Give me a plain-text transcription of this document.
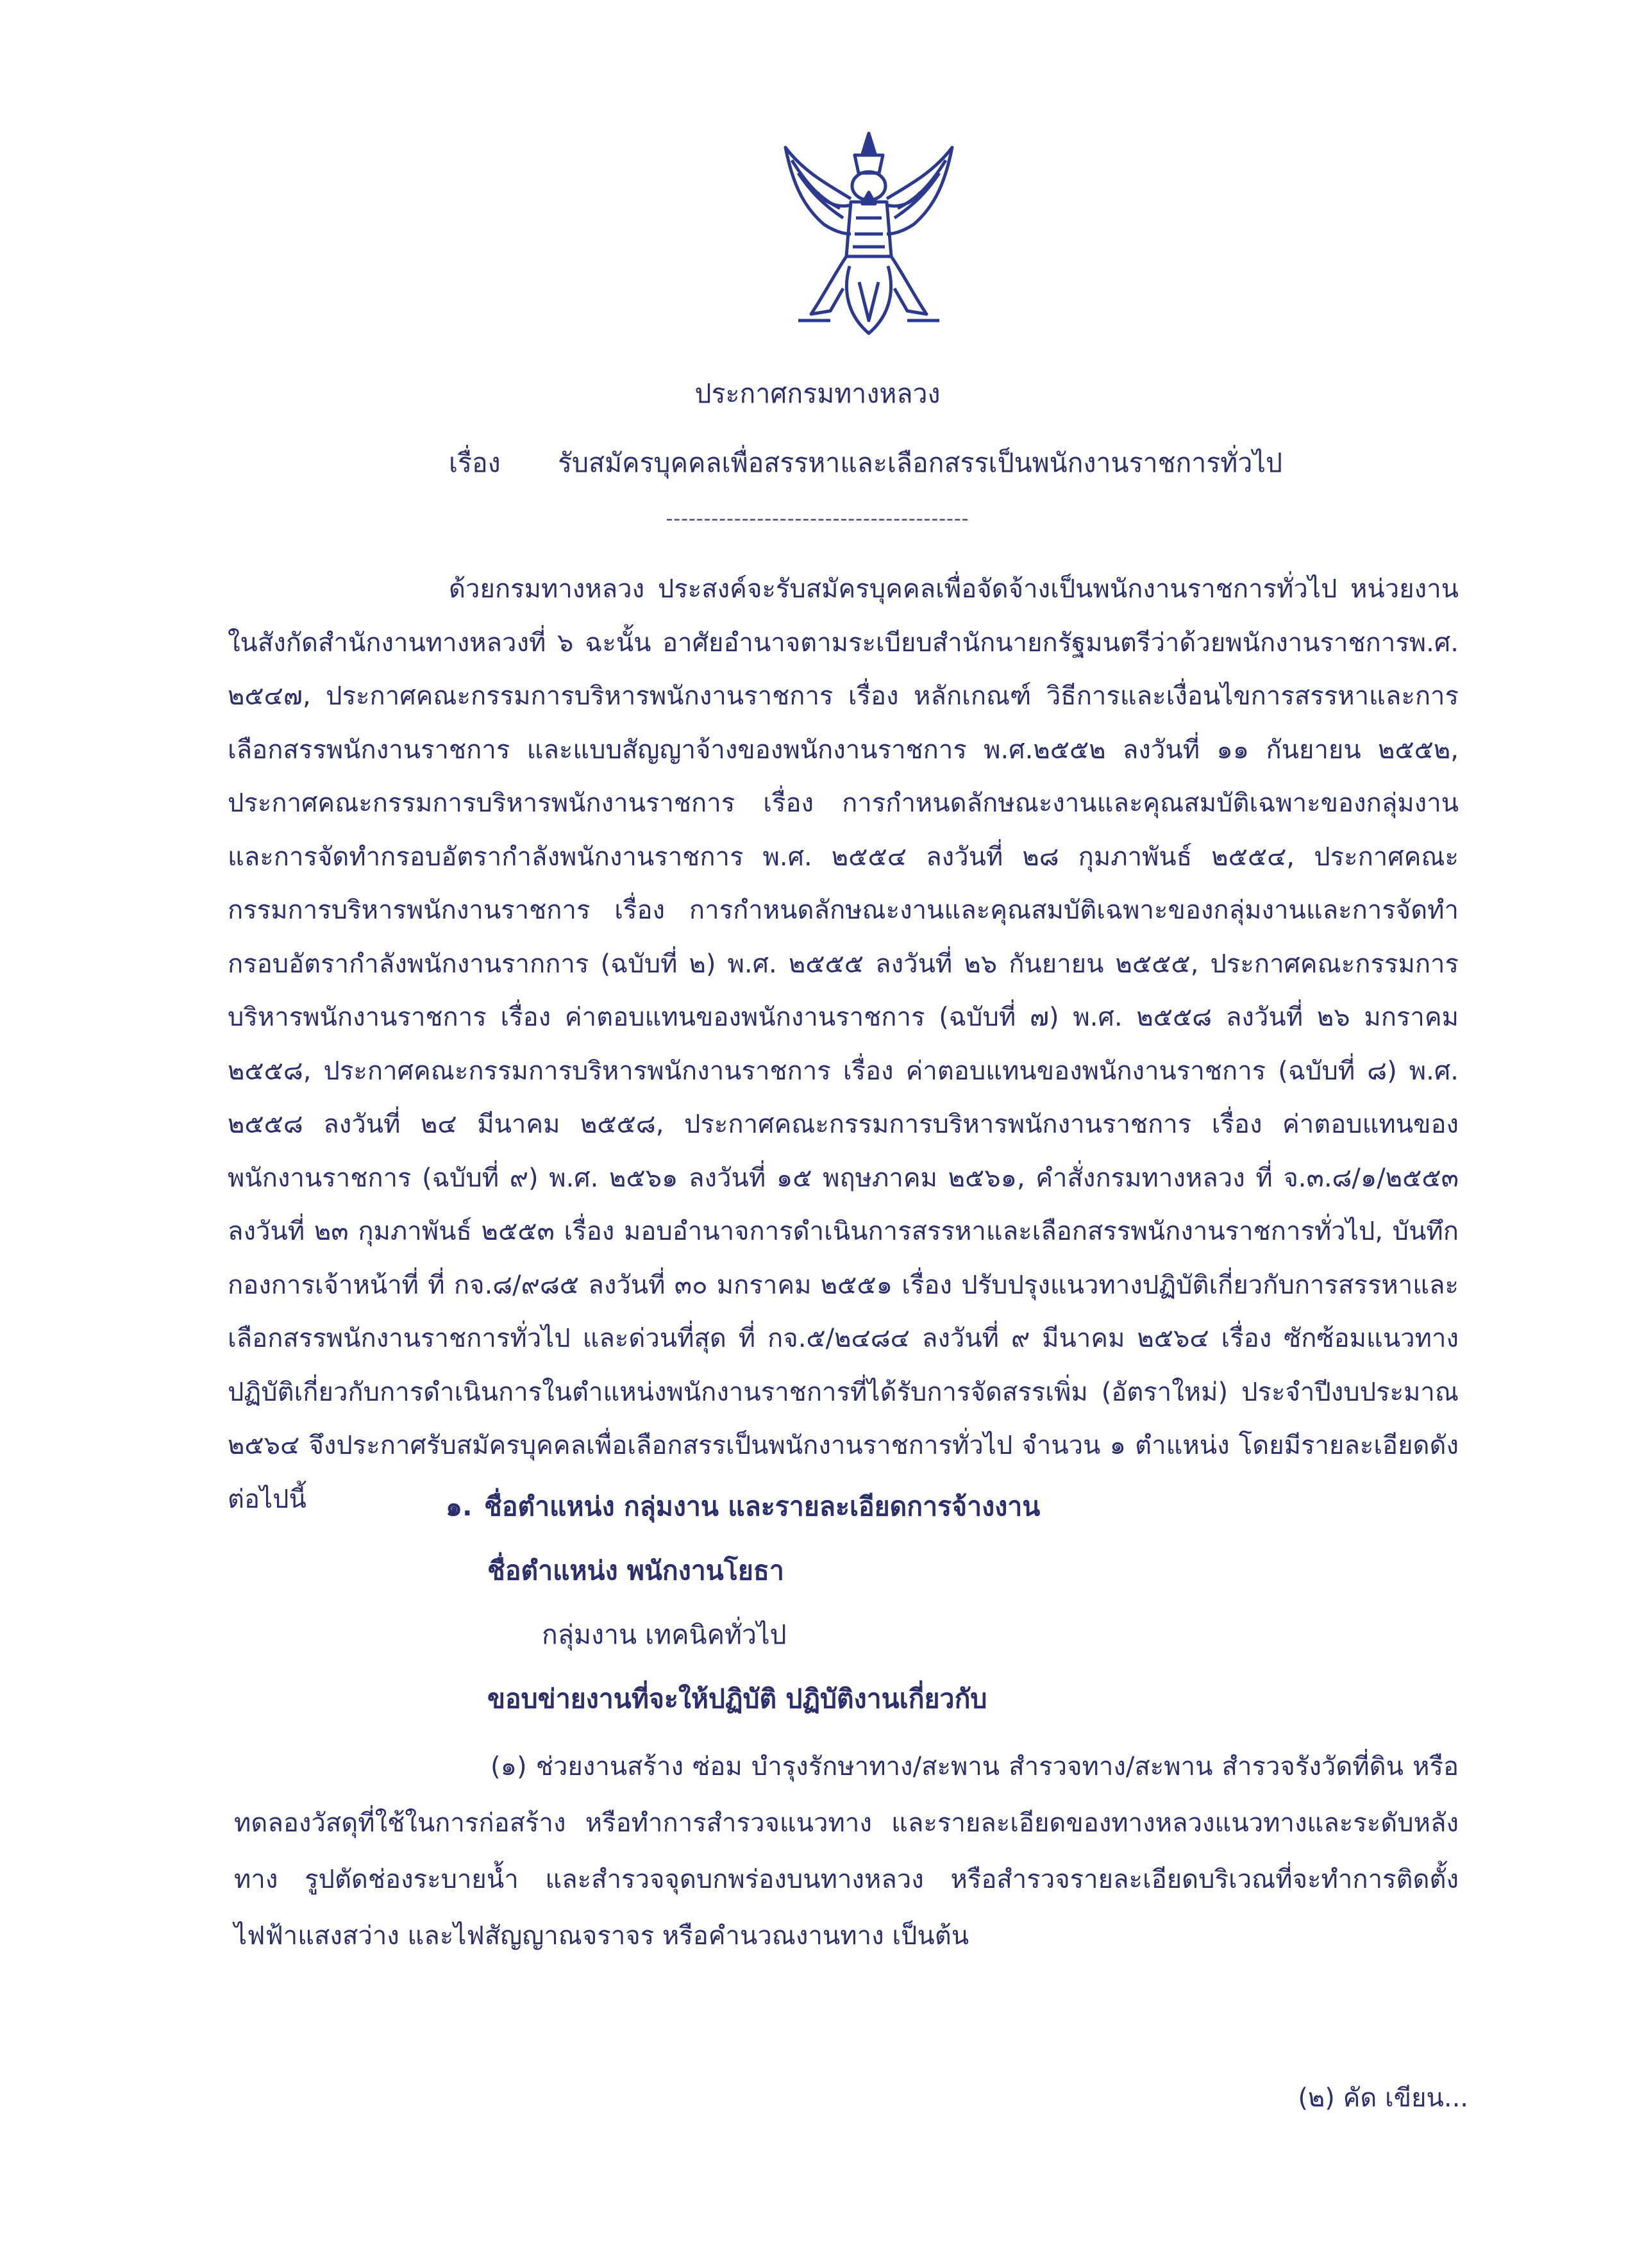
ประกาศกรมทางหลวง
เรื่อง รับสมัครบุคคลเพื่อสรรหาและเลือกสรรเป็นพนักงานราชการทั่วไป
----------------------------------------
ด้วยกรมทางหลวง ประสงค์จะรับสมัครบุคคลเพื่อจัดจ้างเป็นพนักงานราชการทั่วไป หน่วยงานในสังกัดสำนักงานทางหลวงที่ ๖ ฉะนั้น อาศัยอำนาจตามระเบียบสำนักนายกรัฐมนตรีว่าด้วยพนักงานราชการพ.ศ. ๒๕๔๗, ประกาศคณะกรรมการบริหารพนักงานราชการ เรื่อง หลักเกณฑ์ วิธีการและเงื่อนไขการสรรหาและการเลือกสรรพนักงานราชการ และแบบสัญญาจ้างของพนักงานราชการ พ.ศ.๒๕๕๒ ลงวันที่ ๑๑ กันยายน ๒๕๕๒, ประกาศคณะกรรมการบริหารพนักงานราชการ เรื่อง การกำหนดลักษณะงานและคุณสมบัติเฉพาะของกลุ่มงานและการจัดทำกรอบอัตรากำลังพนักงานราชการ พ.ศ. ๒๕๕๔ ลงวันที่ ๒๘ กุมภาพันธ์ ๒๕๕๔, ประกาศคณะกรรมการบริหารพนักงานราชการ เรื่อง การกำหนดลักษณะงานและคุณสมบัติเฉพาะของกลุ่มงานและการจัดทำกรอบอัตรากำลังพนักงานรากการ (ฉบับที่ ๒) พ.ศ. ๒๕๕๕ ลงวันที่ ๒๖ กันยายน ๒๕๕๕, ประกาศคณะกรรมการบริหารพนักงานราชการ เรื่อง ค่าตอบแทนของพนักงานราชการ (ฉบับที่ ๗) พ.ศ. ๒๕๕๘ ลงวันที่ ๒๖ มกราคม ๒๕๕๘, ประกาศคณะกรรมการบริหารพนักงานราชการ เรื่อง ค่าตอบแทนของพนักงานราชการ (ฉบับที่ ๘) พ.ศ. ๒๕๕๘ ลงวันที่ ๒๔ มีนาคม ๒๕๕๘, ประกาศคณะกรรมการบริหารพนักงานราชการ เรื่อง ค่าตอบแทนของพนักงานราชการ (ฉบับที่ ๙) พ.ศ. ๒๕๖๑ ลงวันที่ ๑๕ พฤษภาคม ๒๕๖๑, คำสั่งกรมทางหลวง ที่ จ.๓.๘/๑/๒๕๕๓ ลงวันที่ ๒๓ กุมภาพันธ์ ๒๕๕๓ เรื่อง มอบอำนาจการดำเนินการสรรหาและเลือกสรรพนักงานราชการทั่วไป, บันทึกกองการเจ้าหน้าที่ ที่ กจ.๘/๙๘๕ ลงวันที่ ๓๐ มกราคม ๒๕๕๑ เรื่อง ปรับปรุงแนวทางปฏิบัติเกี่ยวกับการสรรหาและเลือกสรรพนักงานราชการทั่วไป และด่วนที่สุด ที่ กจ.๕/๒๔๘๔ ลงวันที่ ๙ มีนาคม ๒๕๖๔ เรื่อง ซักซ้อมแนวทางปฏิบัติเกี่ยวกับการดำเนินการในตำแหน่งพนักงานราชการที่ได้รับการจัดสรรเพิ่ม (อัตราใหม่) ประจำปีงบประมาณ ๒๕๖๔ จึงประกาศรับสมัครบุคคลเพื่อเลือกสรรเป็นพนักงานราชการทั่วไป จำนวน ๑ ตำแหน่ง โดยมีรายละเอียดดังต่อไปนี้	๑. ชื่อตำแหน่ง กลุ่มงาน และรายละเอียดการจ้างงาน
ชื่อตำแหน่ง พนักงานโยธา
กลุ่มงาน เทคนิคทั่วไป
ขอบข่ายงานที่จะให้ปฏิบัติ ปฏิบัติงานเกี่ยวกับ
(๑) ช่วยงานสร้าง ซ่อม บำรุงรักษาทาง/สะพาน สำรวจทาง/สะพาน สำรวจรังวัดที่ดิน หรือทดลองวัสดุที่ใช้ในการก่อสร้าง หรือทำการสำรวจแนวทาง และรายละเอียดของทางหลวงแนวทางและระดับหลังทาง รูปตัดช่องระบายน้ำ และสำรวจจุดบกพร่องบนทางหลวง หรือสำรวจรายละเอียดบริเวณที่จะทำการติดตั้งไฟฟ้าแสงสว่าง และไฟสัญญาณจราจร หรือคำนวณงานทาง เป็นต้น
(๒) คัด เขียน...
